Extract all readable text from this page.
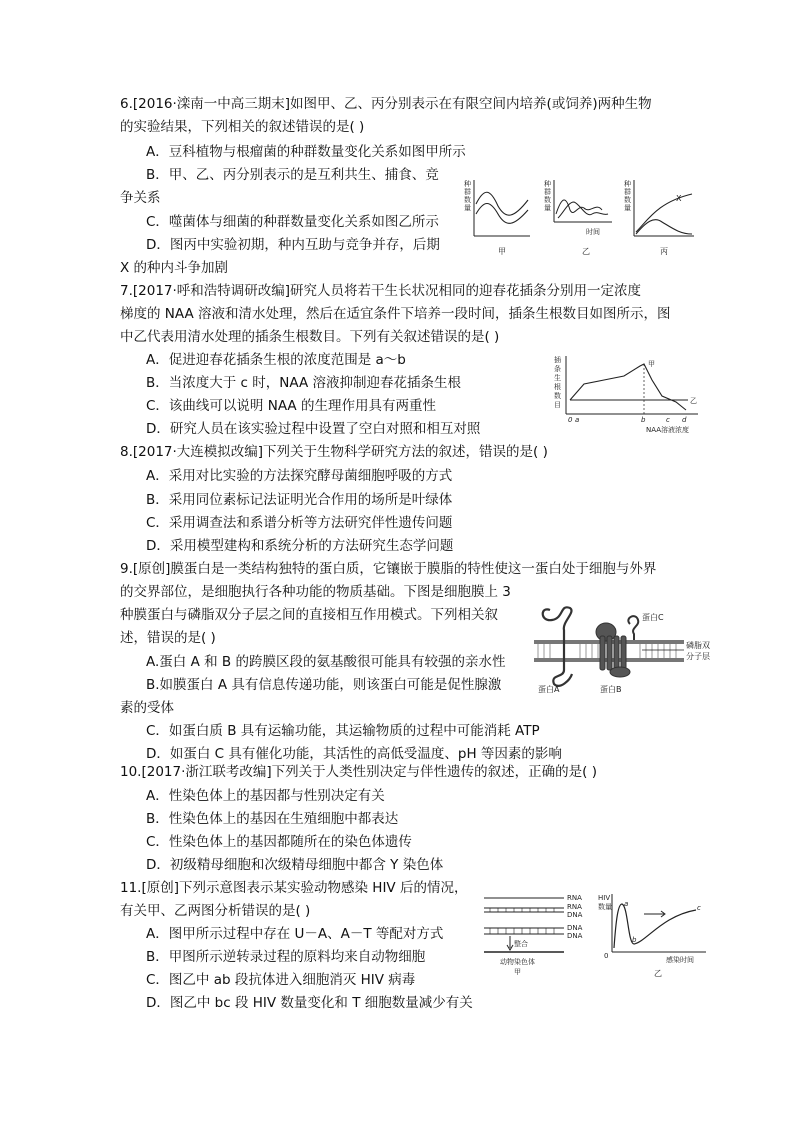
6.[2016·滦南一中高三期末]如图甲、乙、丙分别表示在有限空间内培养(或饲养)两种生物
的实验结果，下列相关的叙述错误的是( )
A．豆科植物与根瘤菌的种群数量变化关系如图甲所示
B．甲、乙、丙分别表示的是互利共生、捕食、竞
争关系
C．噬菌体与细菌的种群数量变化关系如图乙所示
D．图丙中实验初期，种内互助与竞争并存，后期
X 的种内斗争加剧
种
群
数
量
甲
种
群
数
量
时间
乙
种
群
数
量
X
丙
7.[2017·呼和浩特调研改编]研究人员将若干生长状况相同的迎春花插条分别用一定浓度
梯度的 NAA 溶液和清水处理，然后在适宜条件下培养一段时间，插条生根数目如图所示，图
中乙代表用清水处理的插条生根数目。下列有关叙述错误的是( )
A．促进迎春花插条生根的浓度范围是 a～b
B．当浓度大于 c 时，NAA 溶液抑制迎春花插条生根
C．该曲线可以说明 NAA 的生理作用具有两重性
D．研究人员在该实验过程中设置了空白对照和相互对照
插
条
生
根
数
目
甲
乙
0 a	b	c d
NAA溶液浓度
8.[2017·大连模拟改编]下列关于生物科学研究方法的叙述，错误的是( )
A．采用对比实验的方法探究酵母菌细胞呼吸的方式
B．采用同位素标记法证明光合作用的场所是叶绿体
C．采用调查法和系谱分析等方法研究伴性遗传问题
D．采用模型建构和系统分析的方法研究生态学问题
9.[原创]膜蛋白是一类结构独特的蛋白质，它镶嵌于膜脂的特性使这一蛋白处于细胞与外界
的交界部位，是细胞执行各种功能的物质基础。下图是细胞膜上 3
种膜蛋白与磷脂双分子层之间的直接相互作用模式。下列相关叙
述，错误的是( )
A.蛋白 A 和 B 的跨膜区段的氨基酸很可能具有较强的亲水性
B.如膜蛋白 A 具有信息传递功能，则该蛋白可能是促性腺激
素的受体
C．如蛋白质 B 具有运输功能，其运输物质的过程中可能消耗 ATP
D．如蛋白 C 具有催化功能，其活性的高低受温度、pH 等因素的影响
蛋白C
磷脂双
分子层
蛋白A	蛋白B
10.[2017·浙江联考改编]下列关于人类性别决定与伴性遗传的叙述，正确的是( )
A．性染色体上的基因都与性别决定有关
B．性染色体上的基因在生殖细胞中都表达
C．性染色体上的基因都随所在的染色体遗传
D．初级精母细胞和次级精母细胞中都含 Y 染色体
11.[原创]下列示意图表示某实验动物感染 HIV 后的情况，
有关甲、乙两图分析错误的是( )
A．图甲所示过程中存在 U－A、A－T 等配对方式
B．甲图所示逆转录过程的原料均来自动物细胞
C．图乙中 ab 段抗体进入细胞消灭 HIV 病毒
D．图乙中 bc 段 HIV 数量变化和 T 细胞数量减少有关
RNA
RNA
DNA
DNA
DNA
整合
动物染色体
甲
HIV
数量
0
a
b
c
感染时间
乙
